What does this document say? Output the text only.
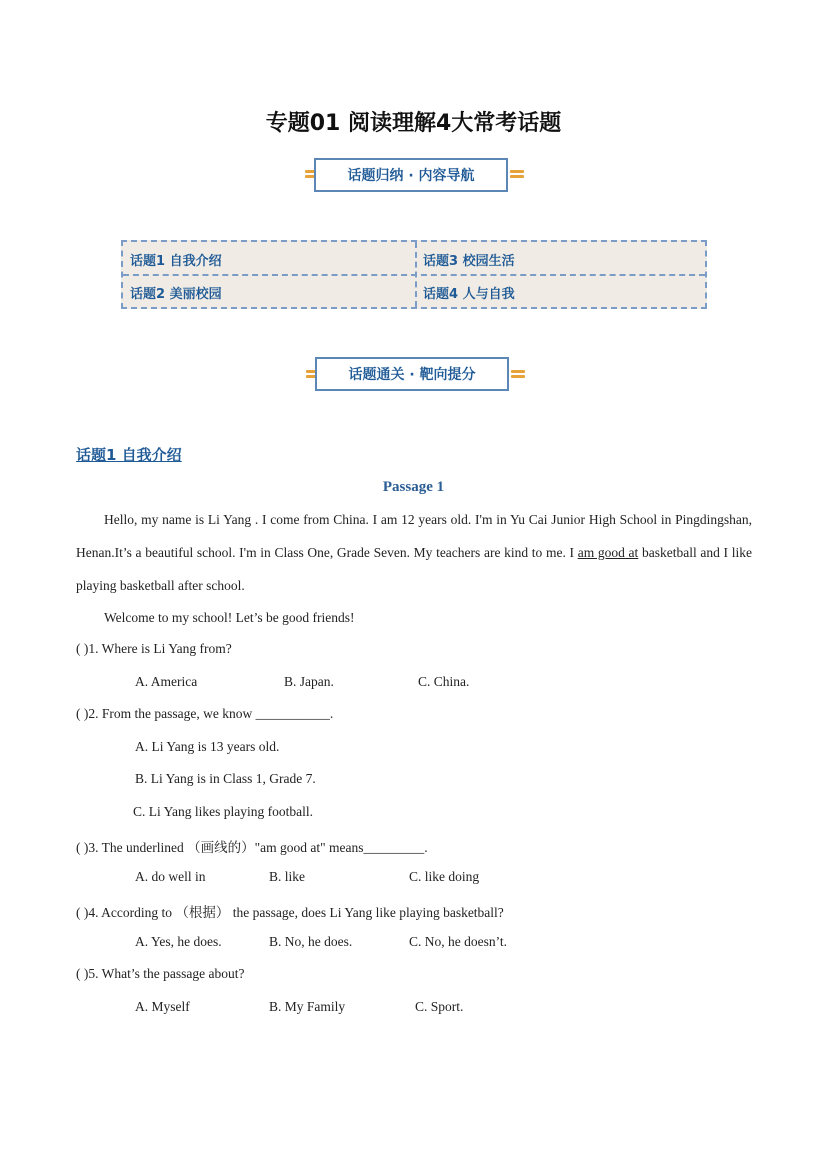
专题01 阅读理解4大常考话题
话题归纳 · 内容导航
话题1 自我介绍	话题3 校园生活
话题2 美丽校园	话题4 人与自我
话题通关 · 靶向提分
话题1 自我介绍
Passage 1
Hello, my name is Li Yang . I come from China. I am 12 years old. I'm in Yu Cai Junior High School in Pingdingshan, Henan.It’s a beautiful school. I'm in Class One, Grade Seven. My teachers are kind to me. I am good at basketball and I like playing basketball after school.
Welcome to my school! Let’s be good friends!
( )1. Where is Li Yang from?
A. America	B. Japan.	C. China.
( )2. From the passage, we know ___________.
A. Li Yang is 13 years old.
B. Li Yang is in Class 1, Grade 7.
C. Li Yang likes playing football.
( )3. The underlined （画线的）"am good at" means_________.
A. do well in	B. like	C. like doing
( )4. According to （根据） the passage, does Li Yang like playing basketball?
A. Yes, he does.	B. No, he does.	C. No, he doesn’t.
( )5. What’s the passage about?
A. Myself	B. My Family	C. Sport.
